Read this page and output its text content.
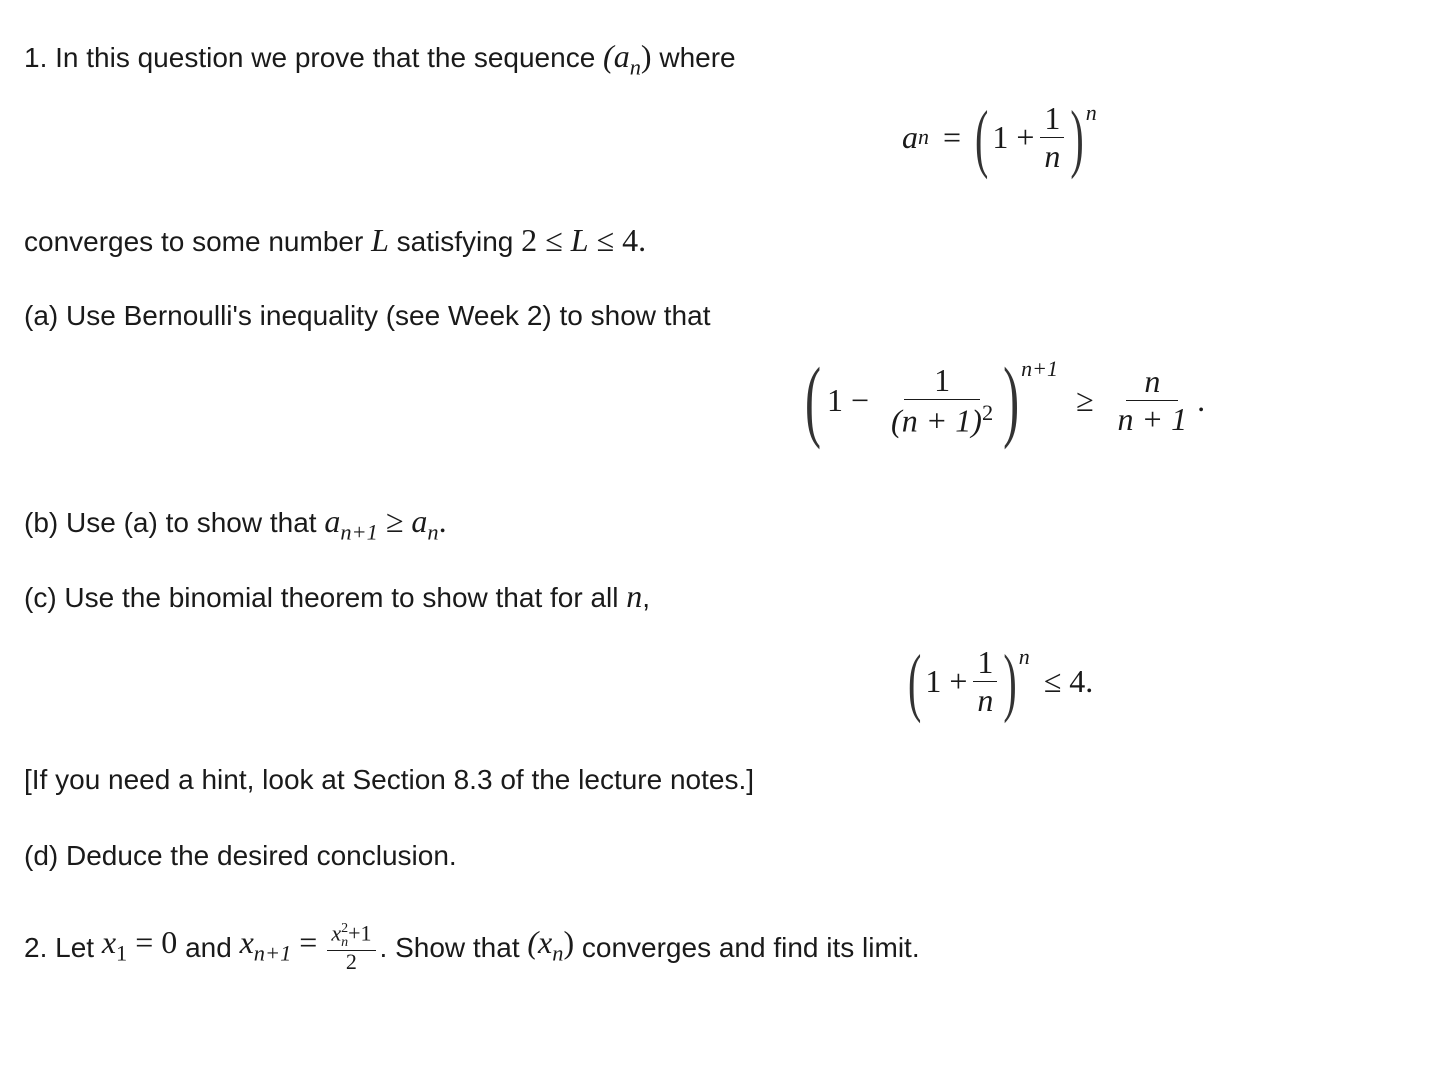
1. In this question we prove that the sequence $(a_n)$ where
a n = ( $1 + \frac{1}{n}$ ) n
converges to some number L satisfying 2 ≤ L ≤ 4.
(a) Use Bernoulli's inequality (see Week 2) to show that
( $1 - \frac{1}{(n + 1)^2}$ ) n+1
≥ $\frac{n}{n + 1}$ .
(b) Use (a) to show that $a_{n+1} \ge a_n$.
(c) Use the binomial theorem to show that for all n,
( $1 + \frac{1}{n}$ ) n
≤ 4.
[If you need a hint, look at Section 8.3 of the lecture notes.]
(d) Deduce the desired conclusion.
2. Let
$x_1 = 0$
and
$x_{n+1} = \frac{x^2_n+1}{2}$ . Show that
$(x_n)$
converges and find its limit.
